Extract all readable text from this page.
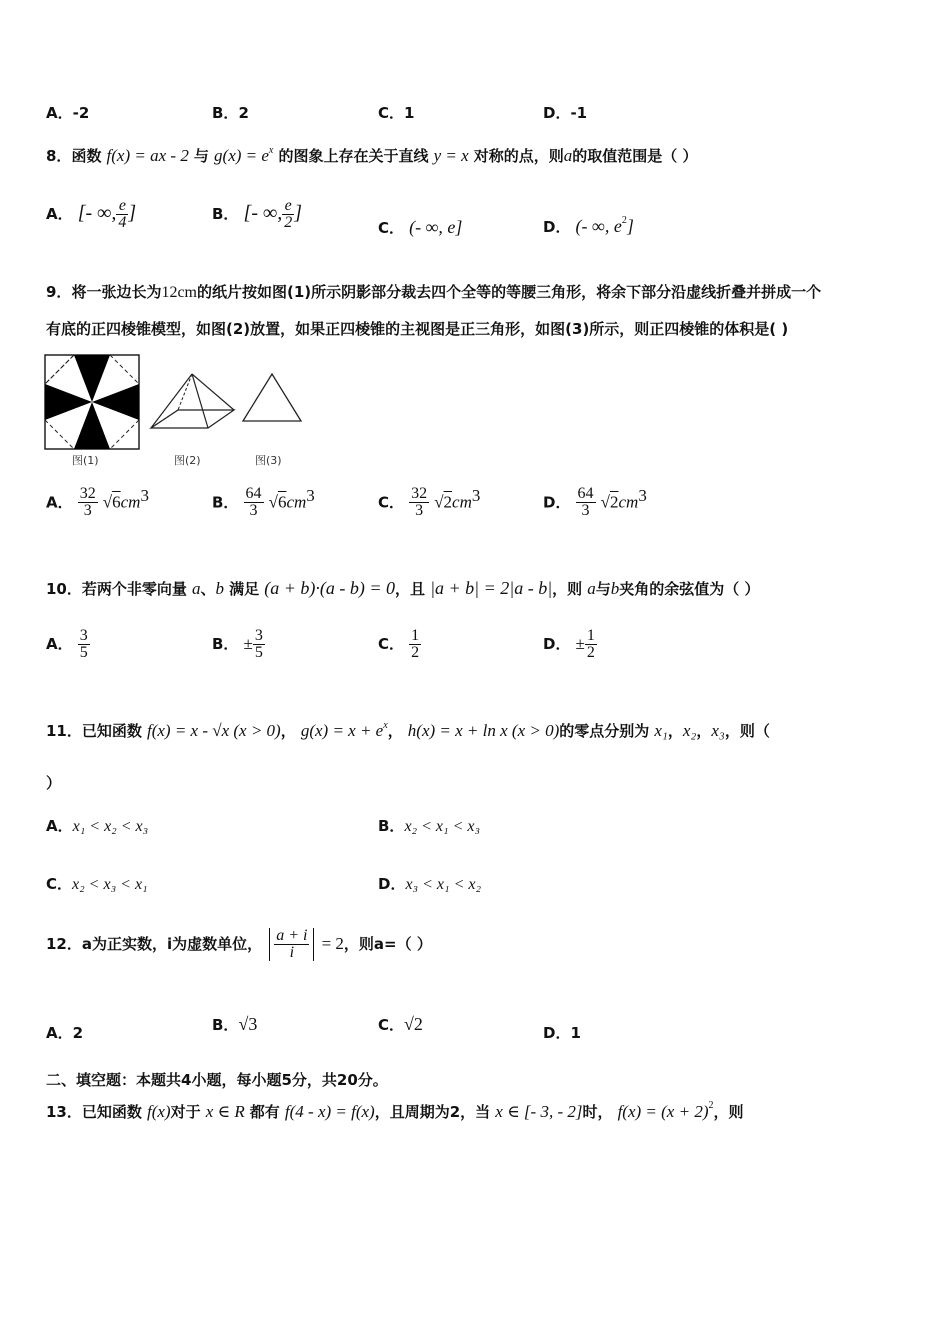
A．-2	B．2	C．1	D．-1
8．函数 f(x) = ax - 2 与 $g(x) = e^x$ 的图象上存在关于直线 y = x 对称的点，则a的取值范围是（ ）
A． [- ∞, $\frac{e}{4}$ ]	B． [- ∞, $\frac{e}{2}$ ]
C． (- ∞, e]	D． (- ∞, $e^2$]
9．将一张边长为12cm的纸片按如图(1)所示阴影部分裁去四个全等的等腰三角形，将余下部分沿虚线折叠并拼成一个
有底的正四棱锥模型，如图(2)放置，如果正四棱锥的主视图是正三角形，如图(3)所示，则正四棱锥的体积是( )
图(1)	图(2)	图(3)
A． $\frac{32}{3} √6cm^3$	B． $\frac{64}{3} √6cm^3$	C． $\frac{32}{3} √2cm^3$	D． $\frac{64}{3} √2cm^3$
10．若两个非零向量 a、b 满足 (a + b)·(a - b) = 0，且 |a + b| = 2|a - b|，则 a与b夹角的余弦值为（ ）
A． $\frac{3}{5}$	B． ± $\frac{3}{5}$	C． $\frac{1}{2}$	D． ± $\frac{1}{2}$
11．已知函数 f(x) = x - √x (x > 0)， $g(x) = x + e^x$， h(x) = x + ln x (x > 0)的零点分别为 x₁，x₂，x₃，则（
）
A．x₁ < x₂ < x₃	B．x₂ < x₁ < x₃
C．x₂ < x₃ < x₁	D．x₃ < x₁ < x₂
12．a为正实数，i为虚数单位， $\frac{a + i}{i} = 2$，则a=（ ）
A．2	B．√3	C．√2	D．1
二、填空题：本题共4小题，每小题5分，共20分。
13．已知函数 f(x)对于 x ∈ R 都有 f(4 - x) = f(x)，且周期为2，当 x ∈ [- 3, - 2]时， $f(x) = (x + 2)^2$，则
